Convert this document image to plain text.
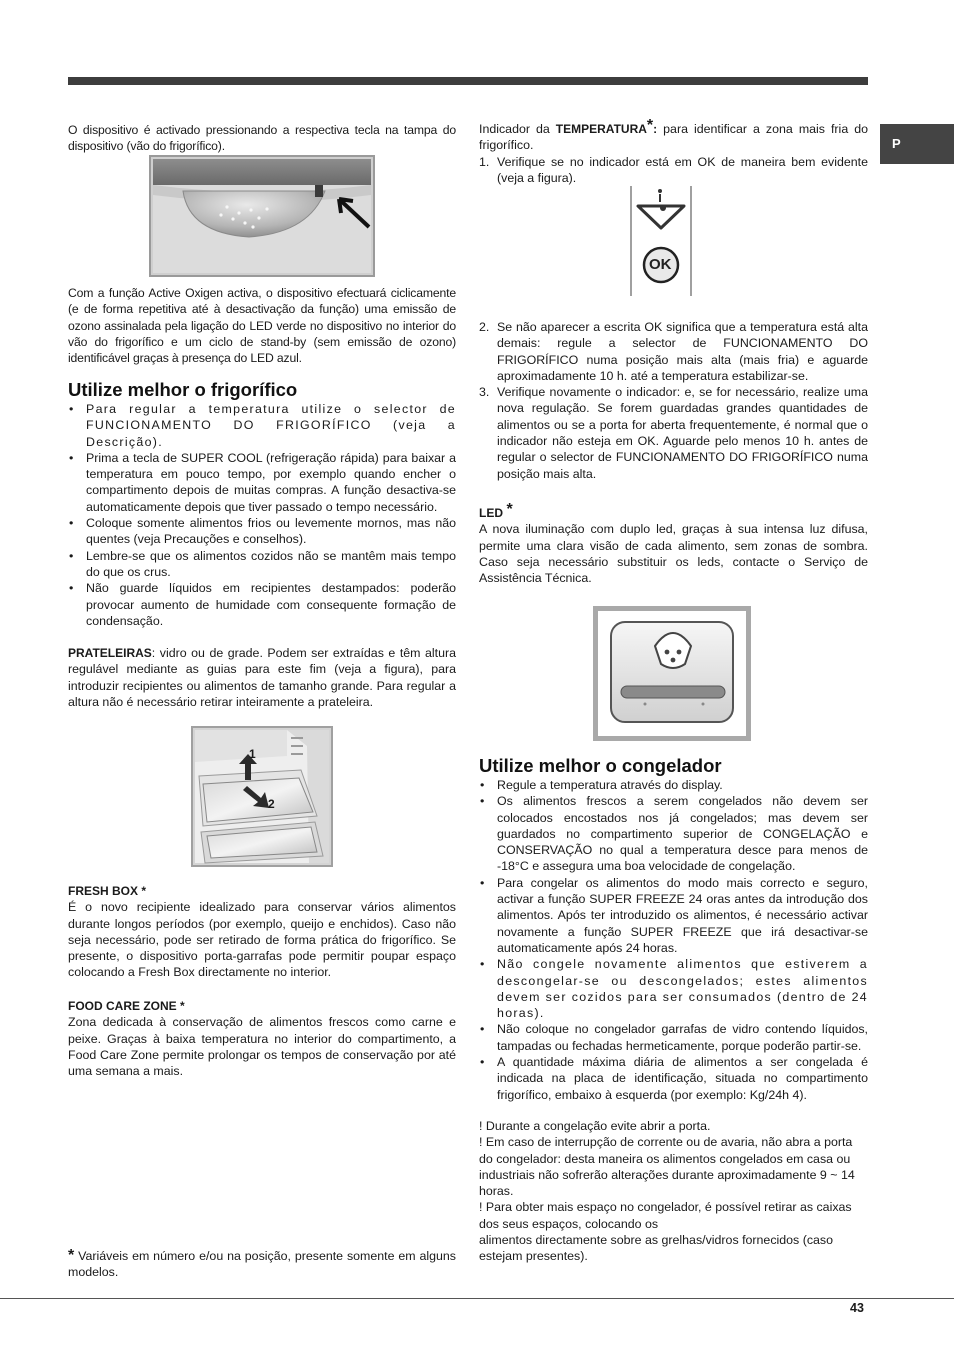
P
43

O dispositivo é activado pressionando a respectiva tecla na tampa do dispositivo (vão do frigorífico).

Com a função Active Oxigen activa, o dispositivo efectuará ciclicamente (e de forma repetitiva até à desactivação da função) uma emissão de ozono assinalada pela ligação do LED verde no dispositivo no interior do vão do frigorífico e um ciclo de stand-by (sem emissão de ozono) identificável graças à presença do LED azul.

Utilize melhor o frigorífico
• Para regular a temperatura utilize o selector de FUNCIONAMENTO DO FRIGORÍFICO (veja a Descrição).
• Prima a tecla de SUPER COOL (refrigeração rápida) para baixar a temperatura em pouco tempo, por exemplo quando encher o compartimento depois de muitas compras. A função desactiva-se automaticamente depois que tiver passado o tempo necessário.
• Coloque somente alimentos frios ou levemente mornos, mas não quentes (veja Precauções e conselhos).
• Lembre-se que os alimentos cozidos não se mantêm mais tempo do que os crus.
• Não guarde líquidos em recipientes destampados: poderão provocar aumento de humidade com consequente formação de condensação.

PRATELEIRAS: vidro ou de grade. Podem ser extraídas e têm altura regulável mediante as guias para este fim (veja a figura), para introduzir recipientes ou alimentos de tamanho grande. Para regular a altura não é necessário retirar inteiramente a prateleira.

1
2
FRESH BOX *

É o novo recipiente idealizado para conservar vários alimentos durante longos períodos (por exemplo, queijo e enchidos). Caso não seja necessário, pode ser retirado de forma prática do frigorífico. Se presente, o dispositivo porta-garrafas pode permitir poupar espaço colocando a Fresh Box directamente no interior.

FOOD CARE ZONE *

Zona dedicada à conservação de alimentos frescos como carne e peixe. Graças à baixa temperatura no interior do compartimento, a Food Care Zone permite prolongar os tempos de conservação por até uma semana a mais.

* Variáveis em número e/ou na posição, presente somente em alguns modelos.

Indicador da TEMPERATURA*: para identificar a zona mais fria do frigorífico.

1. Verifique se no indicador está em OK de maneira bem evidente (veja a figura).
OK
2. Se não aparecer a escrita OK significa que a temperatura está alta demais: regule a selector de FUNCIONAMENTO DO FRIGORÍFICO numa posição mais alta (mais fria) e aguarde aproximadamente 10 h. até a temperatura estabilizar-se.
3. Verifique novamente o indicador: e, se for necessário, realize uma nova regulação. Se forem guardadas grandes quantidades de alimentos ou se a porta for aberta frequentemente, é normal que o indicador não esteja em OK. Aguarde pelo menos 10 h. antes de regular o selector de FUNCIONAMENTO DO FRIGORÍFICO numa posição mais alta.
LED *

A nova iluminação com duplo led, graças à sua intensa luz difusa, permite uma clara visão de cada alimento, sem zonas de sombra. Caso seja necessário substituir os leds, contacte o Serviço de Assistência Técnica.

Utilize melhor o congelador
• Regule a temperatura através do display.
• Os alimentos frescos a serem congelados não devem ser colocados encostados nos já congelados; mas devem ser guardados no compartimento superior de CONGELAÇÃO e CONSERVAÇÃO no qual a temperatura desce para menos de -18°C e assegura uma boa velocidade de congelação.
• Para congelar os alimentos do modo mais correcto e seguro, activar a função SUPER FREEZE 24 oras antes da introdução dos alimentos. Após ter introduzido os alimentos, é necessário activar novamente a função SUPER FREEZE que irá desactivar-se automaticamente após 24 horas.
• Não congele novamente alimentos que estiverem a descongelar-se ou descongelados; estes alimentos devem ser cozidos para ser consumados (dentro de 24 horas).
• Não coloque no congelador garrafas de vidro contendo líquidos, tampadas ou fechadas hermeticamente, porque poderão partir-se.
• A quantidade máxima diária de alimentos a ser congelada é indicada na placa de identificação, situada no compartimento frigorífico, embaixo à esquerda (por exemplo: Kg/24h 4).

! Durante a congelação evite abrir a porta.

! Em caso de interrupção de corrente ou de avaria, não abra a porta do congelador: desta maneira os alimentos congelados em casa ou industriais não sofrerão alterações durante aproximadamente 9 ~ 14 horas.

! Para obter mais espaço no congelador, é possível retirar as caixas dos seus espaços, colocando os

alimentos directamente sobre as grelhas/vidros fornecidos (caso estejam presentes).
